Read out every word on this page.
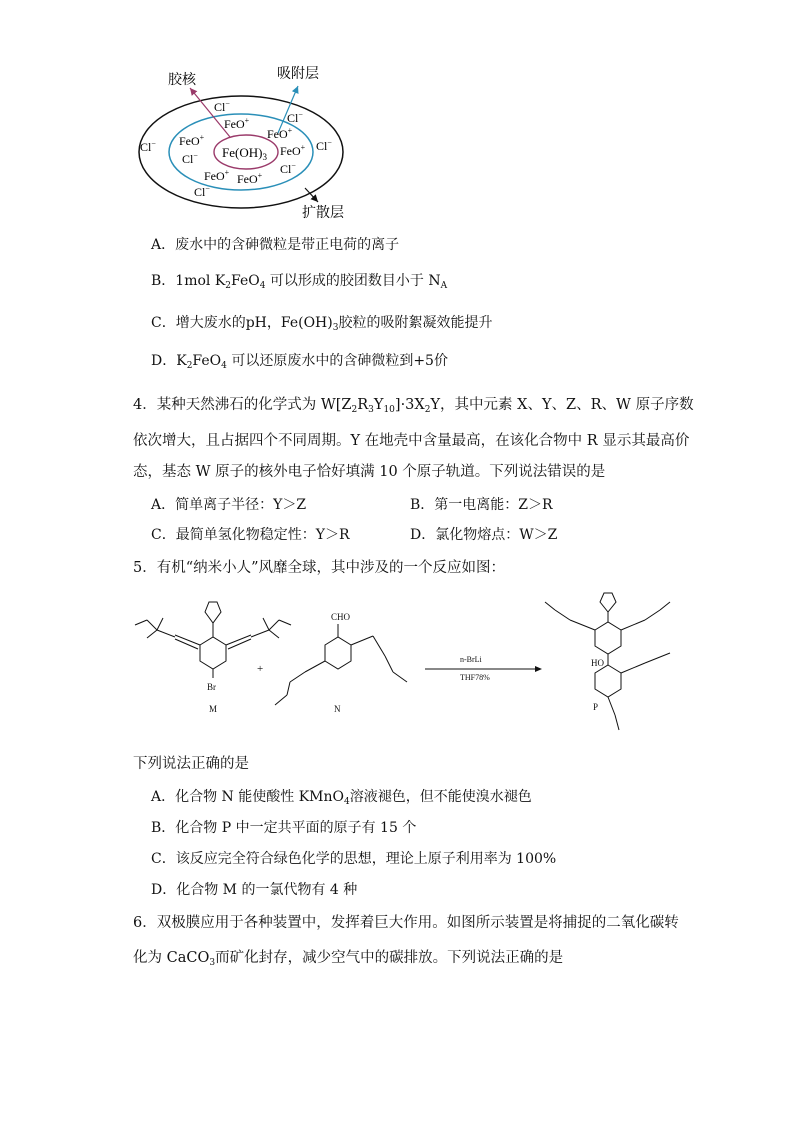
胶核	吸附层
扩散层
$Fe(OH)_3$
Cl−
FeO+
FeO+
Cl−
FeO+
Cl−
FeO+
Cl−	Cl−
FeO+ FeO+ Cl−
Cl−
A．废水中的含砷微粒是带正电荷的离子
B．1mol $K_2FeO_4$ 可以形成的胶团数目小于 $N_A$
C．增大废水的pH，$Fe(OH)_3$胶粒的吸附絮凝效能提升
D．$K_2FeO_4$ 可以还原废水中的含砷微粒到+5价
4．某种天然沸石的化学式为 $W[Z_2R_3Y_{10}]\cdot 3X_2Y$，其中元素 X、Y、Z、R、W 原子序数
依次增大，且占据四个不同周期。Y 在地壳中含量最高，在该化合物中 R 显示其最高价
态，基态 W 原子的核外电子恰好填满 10 个原子轨道。下列说法错误的是
A．简单离子半径：Y＞Z	B．第一电离能：Z＞R
C．最简单氢化物稳定性：Y＞R	D．氯化物熔点：W＞Z
5．有机“纳米小人”风靡全球，其中涉及的一个反应如图：
Br
M
+
CHO
N
n-BrLi
THF78%
HO
P
下列说法正确的是
A．化合物 N 能使酸性 KMnO$_4$溶液褪色，但不能使溴水褪色
B．化合物 P 中一定共平面的原子有 15 个
C．该反应完全符合绿色化学的思想，理论上原子利用率为 100%
D．化合物 M 的一氯代物有 4 种
6．双极膜应用于各种装置中，发挥着巨大作用。如图所示装置是将捕捉的二氧化碳转
化为 CaCO$_3$而矿化封存，减少空气中的碳排放。下列说法正确的是
